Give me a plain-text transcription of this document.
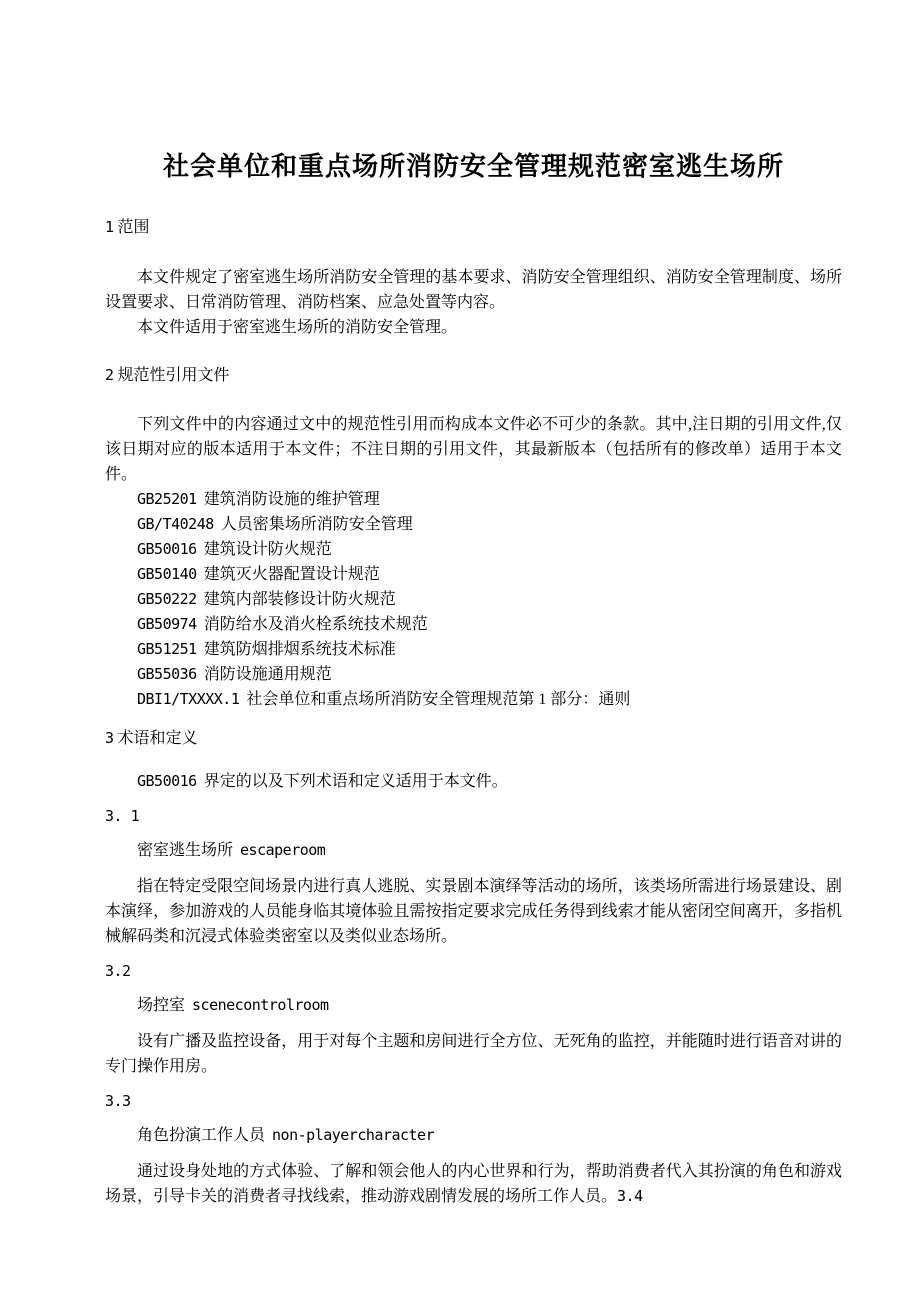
社会单位和重点场所消防安全管理规范密室逃生场所
1 范围

本文件规定了密室逃生场所消防安全管理的基本要求、消防安全管理组织、消防安全管理制度、场所设置要求、日常消防管理、消防档案、应急处置等内容。

本文件适用于密室逃生场所的消防安全管理。

2 规范性引用文件

下列文件中的内容通过文中的规范性引用而构成本文件必不可少的条款。其中,注日期的引用文件,仅该日期对应的版本适用于本文件；不注日期的引用文件，其最新版本（包括所有的修改单）适用于本文件。

GB25201 建筑消防设施的维护管理
GB/T40248 人员密集场所消防安全管理
GB50016 建筑设计防火规范
GB50140 建筑灭火器配置设计规范
GB50222 建筑内部装修设计防火规范
GB50974 消防给水及消火栓系统技术规范
GB51251 建筑防烟排烟系统技术标准
GB55036 消防设施通用规范
DBI1/TXXXX.1 社会单位和重点场所消防安全管理规范第 1 部分：通则
3 术语和定义

GB50016 界定的以及下列术语和定义适用于本文件。

3. 1
密室逃生场所 escaperoom

指在特定受限空间场景内进行真人逃脱、实景剧本演绎等活动的场所，该类场所需进行场景建设、剧本演绎，参加游戏的人员能身临其境体验且需按指定要求完成任务得到线索才能从密闭空间离开，多指机械解码类和沉浸式体验类密室以及类似业态场所。

3.2
场控室 scenecontrolroom

设有广播及监控设备，用于对每个主题和房间进行全方位、无死角的监控，并能随时进行语音对讲的专门操作用房。

3.3
角色扮演工作人员 non-playercharacter

通过设身处地的方式体验、了解和领会他人的内心世界和行为，帮助消费者代入其扮演的角色和游戏场景，引导卡关的消费者寻找线索，推动游戏剧情发展的场所工作人员。3.4
